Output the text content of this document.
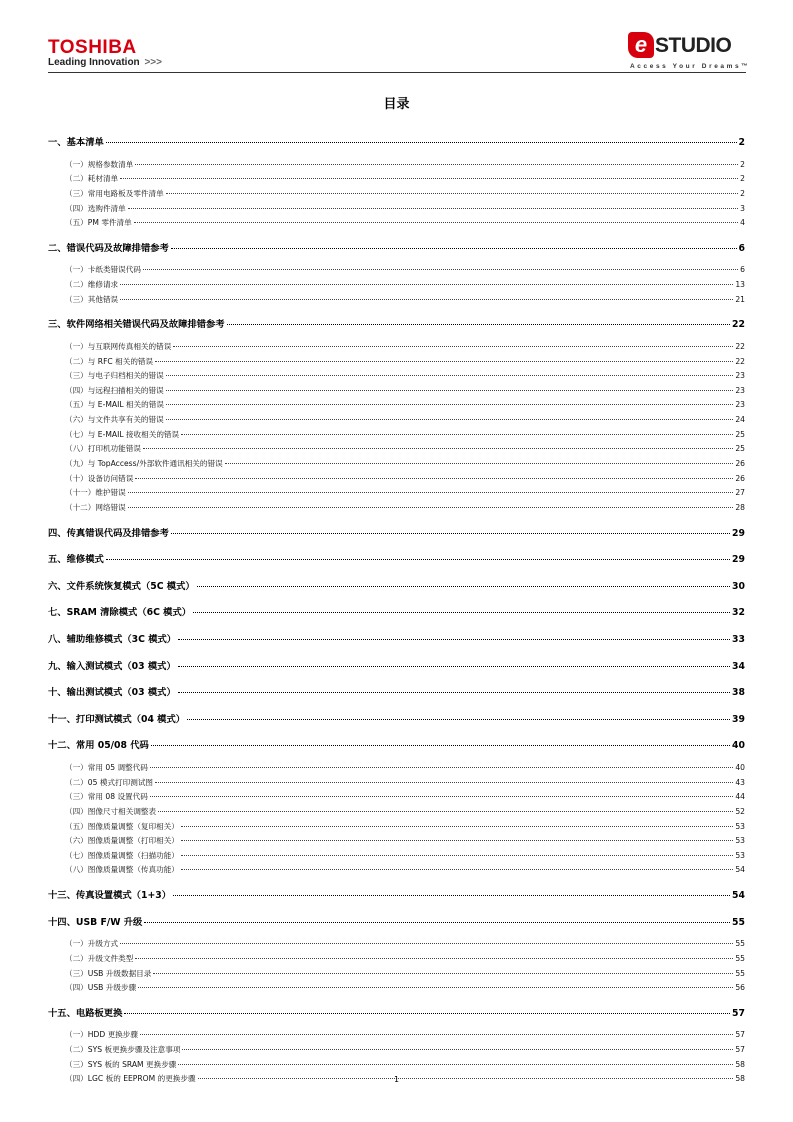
TOSHIBA
Leading Innovation >>>
e STUDIO
Access Your Dreams™
目录
一、基本清单	2
（一）规格参数清单	2
（二）耗材清单	2
（三）常用电路板及零件清单	2
（四）选购件清单	3
（五）PM 零件清单	4
二、错误代码及故障排错参考	6
（一）卡纸类错误代码	6
（二）维修请求	13
（三）其他错误	21
三、软件网络相关错误代码及故障排错参考	22
（一）与互联网传真相关的错误	22
（二）与 RFC 相关的错误	22
（三）与电子归档相关的错误	23
（四）与远程扫描相关的错误	23
（五）与 E-MAIL 相关的错误	23
（六）与文件共享有关的错误	24
（七）与 E-MAIL 接收相关的错误	25
（八）打印机功能错误	25
（九）与 TopAccess/外部软件通讯相关的错误	26
（十）设备访问错误	26
（十一）维护错误	27
（十二）网络错误	28
四、传真错误代码及排错参考	29
五、维修模式	29
六、文件系统恢复模式（5C 模式）	30
七、SRAM 清除模式（6C 模式）	32
八、辅助维修模式（3C 模式）	33
九、输入测试模式（03 模式）	34
十、输出测试模式（03 模式）	38
十一、打印测试模式（04 模式）	39
十二、常用 05/08 代码	40
（一）常用 05 调整代码	40
（二）05 模式打印测试图	43
（三）常用 08 设置代码	44
（四）图像尺寸相关调整表	52
（五）图像质量调整（复印相关）	53
（六）图像质量调整（打印相关）	53
（七）图像质量调整（扫描功能）	53
（八）图像质量调整（传真功能）	54
十三、传真设置模式（1+3）	54
十四、USB F/W 升级	55
（一）升级方式	55
（二）升级文件类型	55
（三）USB 升级数据目录	55
（四）USB 升级步骤	56
十五、电路板更换	57
（一）HDD 更换步骤	57
（二）SYS 板更换步骤及注意事项	57
（三）SYS 板的 SRAM 更换步骤	58
（四）LGC 板的 EEPROM 的更换步骤	58
1
